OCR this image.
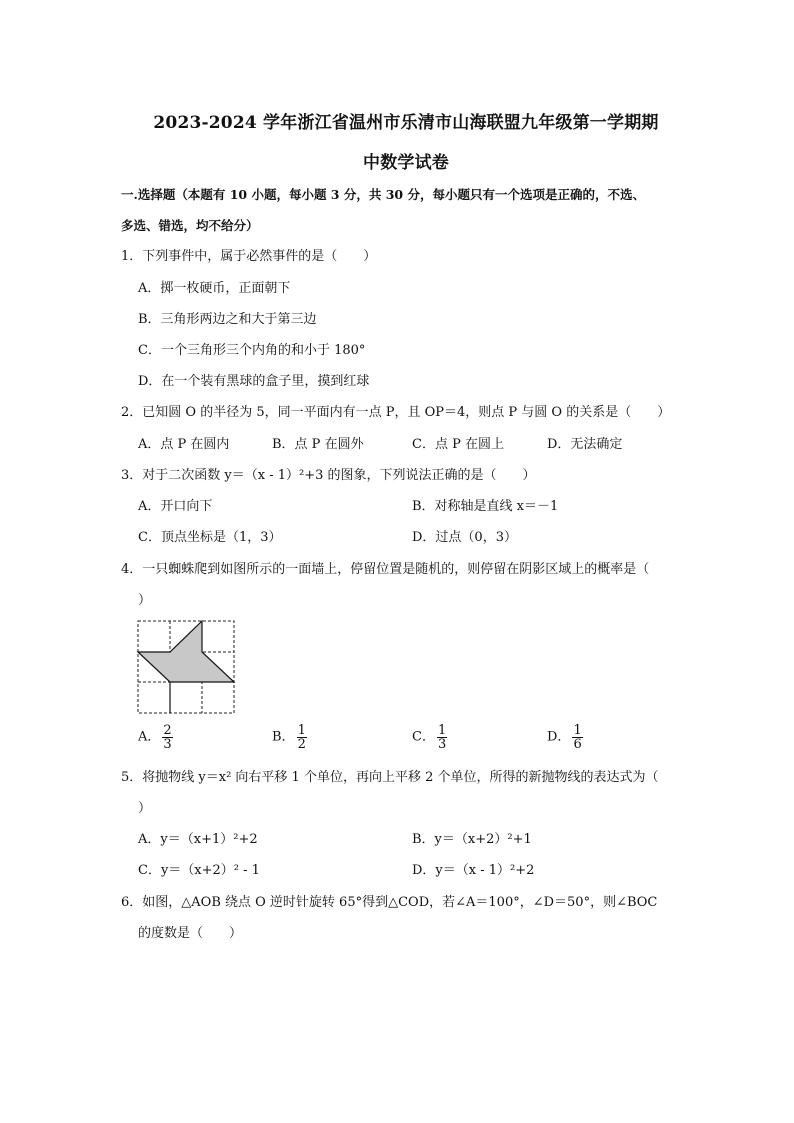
2023-2024 学年浙江省温州市乐清市山海联盟九年级第一学期期
中数学试卷
一.选择题（本题有 10 小题，每小题 3 分，共 30 分，每小题只有一个选项是正确的，不选、
多选、错选，均不给分）
1．下列事件中，属于必然事件的是（　　）
A．掷一枚硬币，正面朝下
B．三角形两边之和大于第三边
C．一个三角形三个内角的和小于 180°
D．在一个装有黑球的盒子里，摸到红球
2．已知圆 O 的半径为 5，同一平面内有一点 P，且 OP＝4，则点 P 与圆 O 的关系是（　　）
A．点 P 在圆内	B．点 P 在圆外	C．点 P 在圆上	D．无法确定
3．对于二次函数 y＝（x - 1）²+3 的图象，下列说法正确的是（　　）
A．开口向下	B．对称轴是直线 x＝－1
C．顶点坐标是（1，3）	D．过点（0，3）
4．一只蜘蛛爬到如图所示的一面墙上，停留位置是随机的，则停留在阴影区域上的概率是（
）
A． $\frac{2}{3}$	B． $\frac{1}{2}$	C． $\frac{1}{3}$	D． $\frac{1}{6}$
5．将抛物线 y＝x² 向右平移 1 个单位，再向上平移 2 个单位，所得的新抛物线的表达式为（
）
A．y＝（x+1）²+2	B．y＝（x+2）²+1
C．y＝（x+2）² - 1	D．y＝（x - 1）²+2
6．如图，△AOB 绕点 O 逆时针旋转 65°得到△COD，若∠A＝100°，∠D＝50°，则∠BOC
的度数是（　　）
